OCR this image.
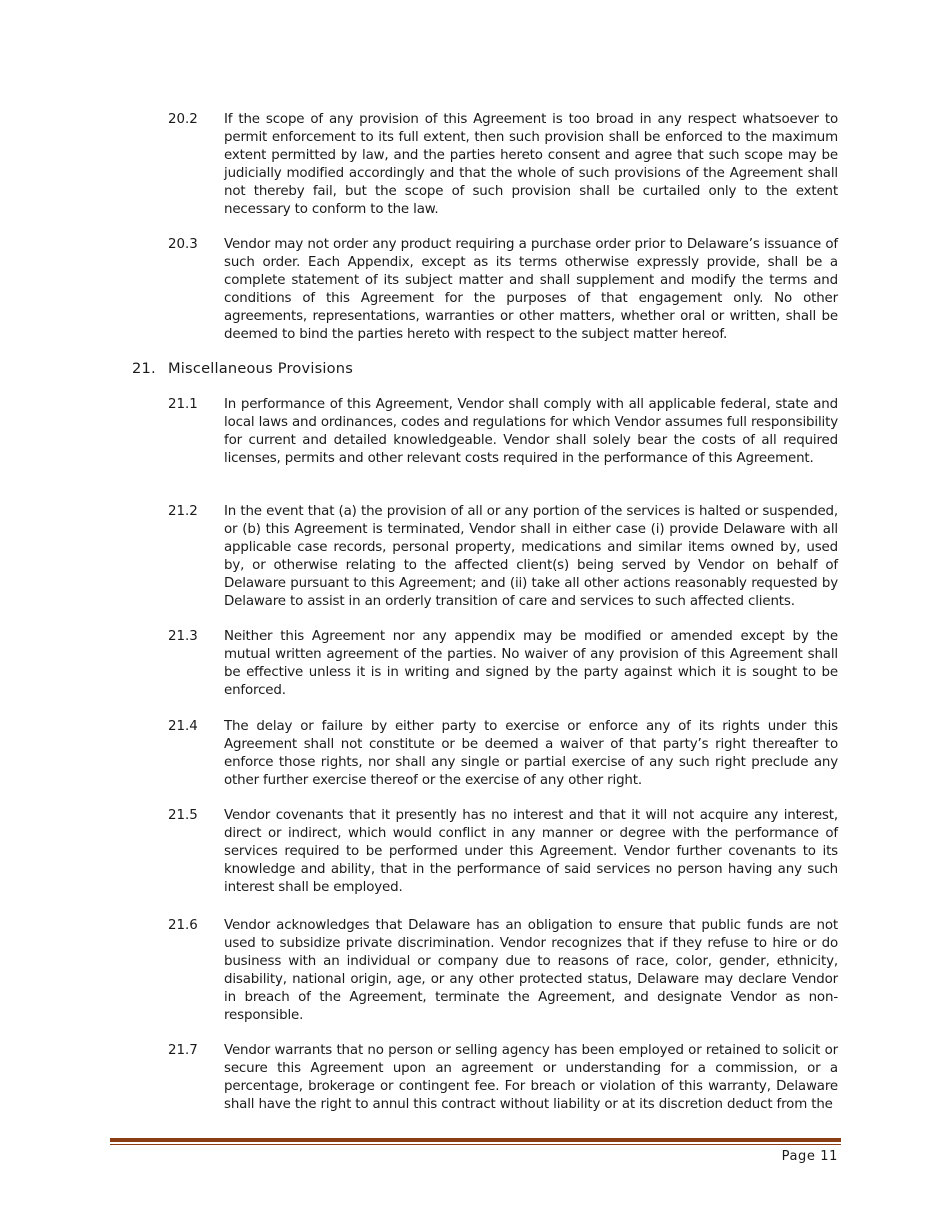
20.2 If the scope of any provision of this Agreement is too broad in any respect whatsoever to permit enforcement to its full extent, then such provision shall be enforced to the maximum extent permitted by law, and the parties hereto consent and agree that such scope may be judicially modified accordingly and that the whole of such provisions of the Agreement shall not thereby fail, but the scope of such provision shall be curtailed only to the extent necessary to conform to the law.
20.3 Vendor may not order any product requiring a purchase order prior to Delaware’s issuance of such order. Each Appendix, except as its terms otherwise expressly provide, shall be a complete statement of its subject matter and shall supplement and modify the terms and conditions of this Agreement for the purposes of that engagement only. No other agreements, representations, warranties or other matters, whether oral or written, shall be deemed to bind the parties hereto with respect to the subject matter hereof.
21. Miscellaneous Provisions
21.1 In performance of this Agreement, Vendor shall comply with all applicable federal, state and local laws and ordinances, codes and regulations for which Vendor assumes full responsibility for current and detailed knowledgeable. Vendor shall solely bear the costs of all required licenses, permits and other relevant costs required in the performance of this Agreement.
21.2 In the event that (a) the provision of all or any portion of the services is halted or suspended, or (b) this Agreement is terminated, Vendor shall in either case (i) provide Delaware with all applicable case records, personal property, medications and similar items owned by, used by, or otherwise relating to the affected client(s) being served by Vendor on behalf of Delaware pursuant to this Agreement; and (ii) take all other actions reasonably requested by Delaware to assist in an orderly transition of care and services to such affected clients.
21.3 Neither this Agreement nor any appendix may be modified or amended except by the mutual written agreement of the parties. No waiver of any provision of this Agreement shall be effective unless it is in writing and signed by the party against which it is sought to be enforced.
21.4 The delay or failure by either party to exercise or enforce any of its rights under this Agreement shall not constitute or be deemed a waiver of that party’s right thereafter to enforce those rights, nor shall any single or partial exercise of any such right preclude any other further exercise thereof or the exercise of any other right.
21.5 Vendor covenants that it presently has no interest and that it will not acquire any interest, direct or indirect, which would conflict in any manner or degree with the performance of services required to be performed under this Agreement. Vendor further covenants to its knowledge and ability, that in the performance of said services no person having any such interest shall be employed.
21.6 Vendor acknowledges that Delaware has an obligation to ensure that public funds are not used to subsidize private discrimination. Vendor recognizes that if they refuse to hire or do business with an individual or company due to reasons of race, color, gender, ethnicity, disability, national origin, age, or any other protected status, Delaware may declare Vendor in breach of the Agreement, terminate the Agreement, and designate Vendor as non-responsible.
21.7 Vendor warrants that no person or selling agency has been employed or retained to solicit or secure this Agreement upon an agreement or understanding for a commission, or a percentage, brokerage or contingent fee. For breach or violation of this warranty, Delaware shall have the right to annul this contract without liability or at its discretion deduct from the
Page 11
